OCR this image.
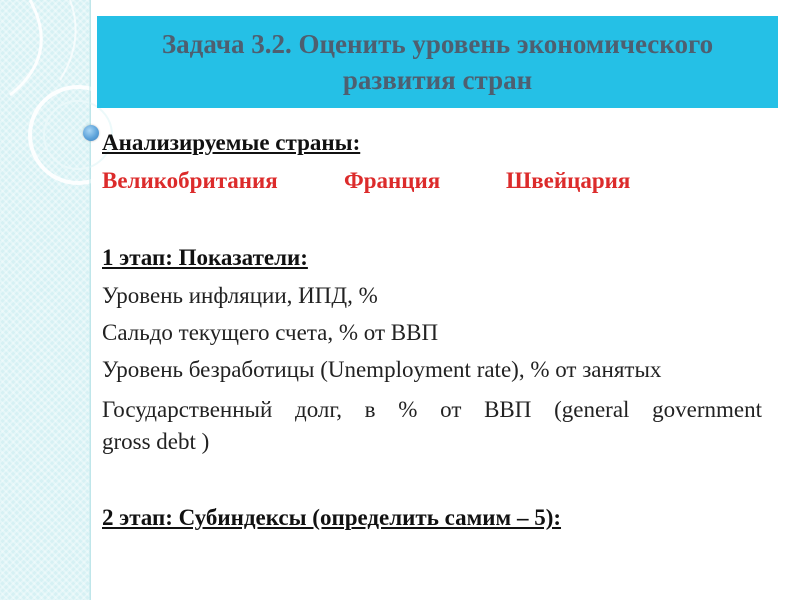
Задача 3.2. Оценить уровень экономического
развития стран
Анализируемые страны:
Великобритания	Франция	Швейцария
1 этап: Показатели:
Уровень инфляции, ИПД, %
Сальдо текущего счета, % от ВВП
Уровень безработицы (Unemployment rate), % от занятых
Государственный долг, в % от ВВП (general government
gross debt )
2 этап: Субиндексы (определить самим – 5):
